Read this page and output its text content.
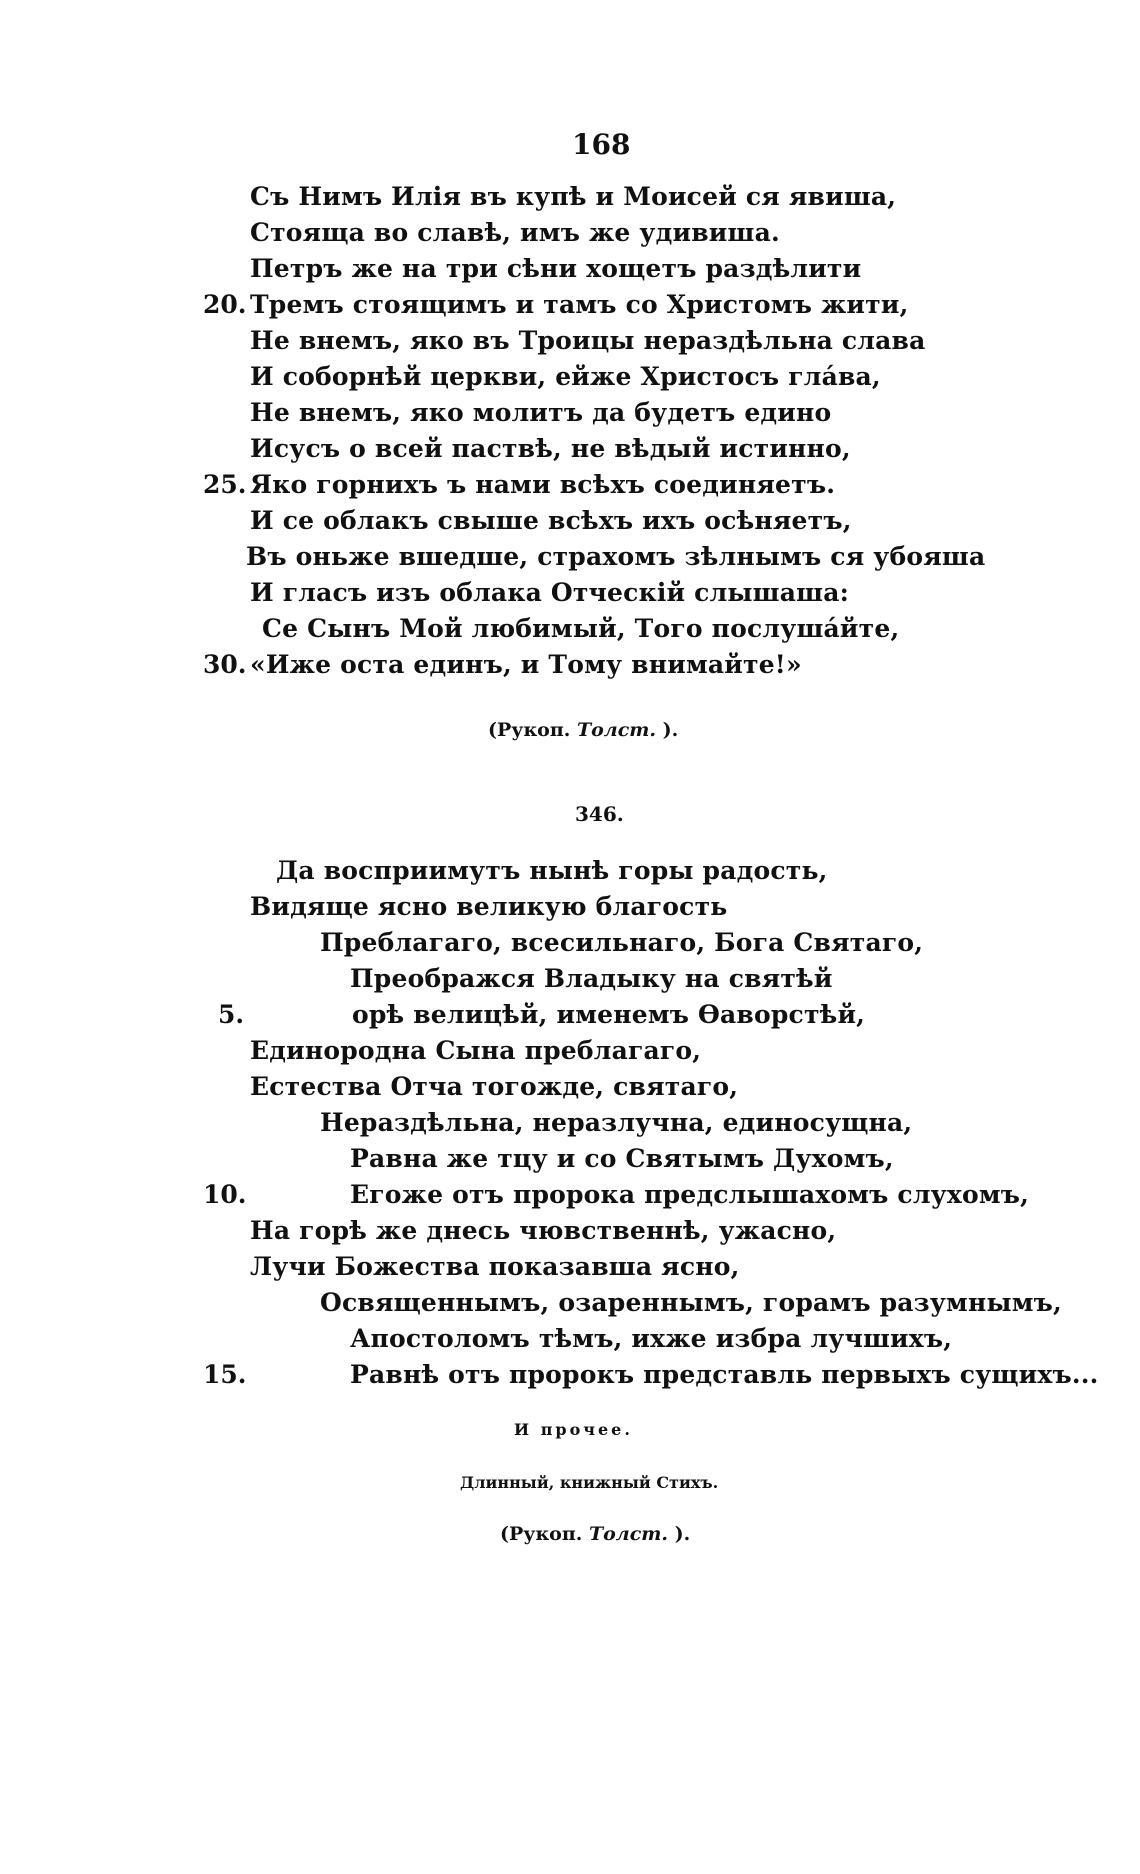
168
Съ Нимъ Илія въ купѣ и Моисей ся явиша,
Стояща во славѣ, имъ же удивиша.
Петръ же на три сѣни хощетъ раздѣлити
20. Тремъ стоящимъ и тамъ со Христомъ жити,
Не внемъ, яко въ Троицы нераздѣльна слава
И соборнѣй церкви, ейже Христосъ глáва,
Не внемъ, яко молитъ да будетъ едино
Исусъ о всей паствѣ, не вѣдый истинно,
25. Яко горнихъ ъ нами всѣхъ соединяетъ.
И се облакъ свыше всѣхъ ихъ осѣняетъ,
Въ оньже вшедше, страхомъ зѣлнымъ ся убояша
И гласъ изъ облака Отческій слышаша:
Се Сынъ Мой любимый, Того послушáйте,
30. «Иже оста единъ, и Тому внимайте!»
(Рукоп. Толст. ).
346.
Да восприимутъ нынѣ горы радость,
Видяще ясно великую благость
Преблагаго, всесильнаго, Бога Святаго,
Преображся Владыку на святѣй
5.	орѣ велицѣй, именемъ Ѳаворстѣй,
Единородна Сына преблагаго,
Естества Отча тогожде, святаго,
Нераздѣльна, неразлучна, единосущна,
Равна же тцу и со Святымъ Духомъ,
10.	Егоже отъ пророка предслышахомъ слухомъ,
На горѣ же днесь чювственнѣ, ужасно,
Лучи Божества показавша ясно,
Освященнымъ, озареннымъ, горамъ разумнымъ,
Апостоломъ тѣмъ, ихже избра лучшихъ,
15.	Равнѣ отъ пророкъ представль первыхъ сущихъ...
И прочее.
Длинный, книжный Стихъ.
(Рукоп. Толст. ).
